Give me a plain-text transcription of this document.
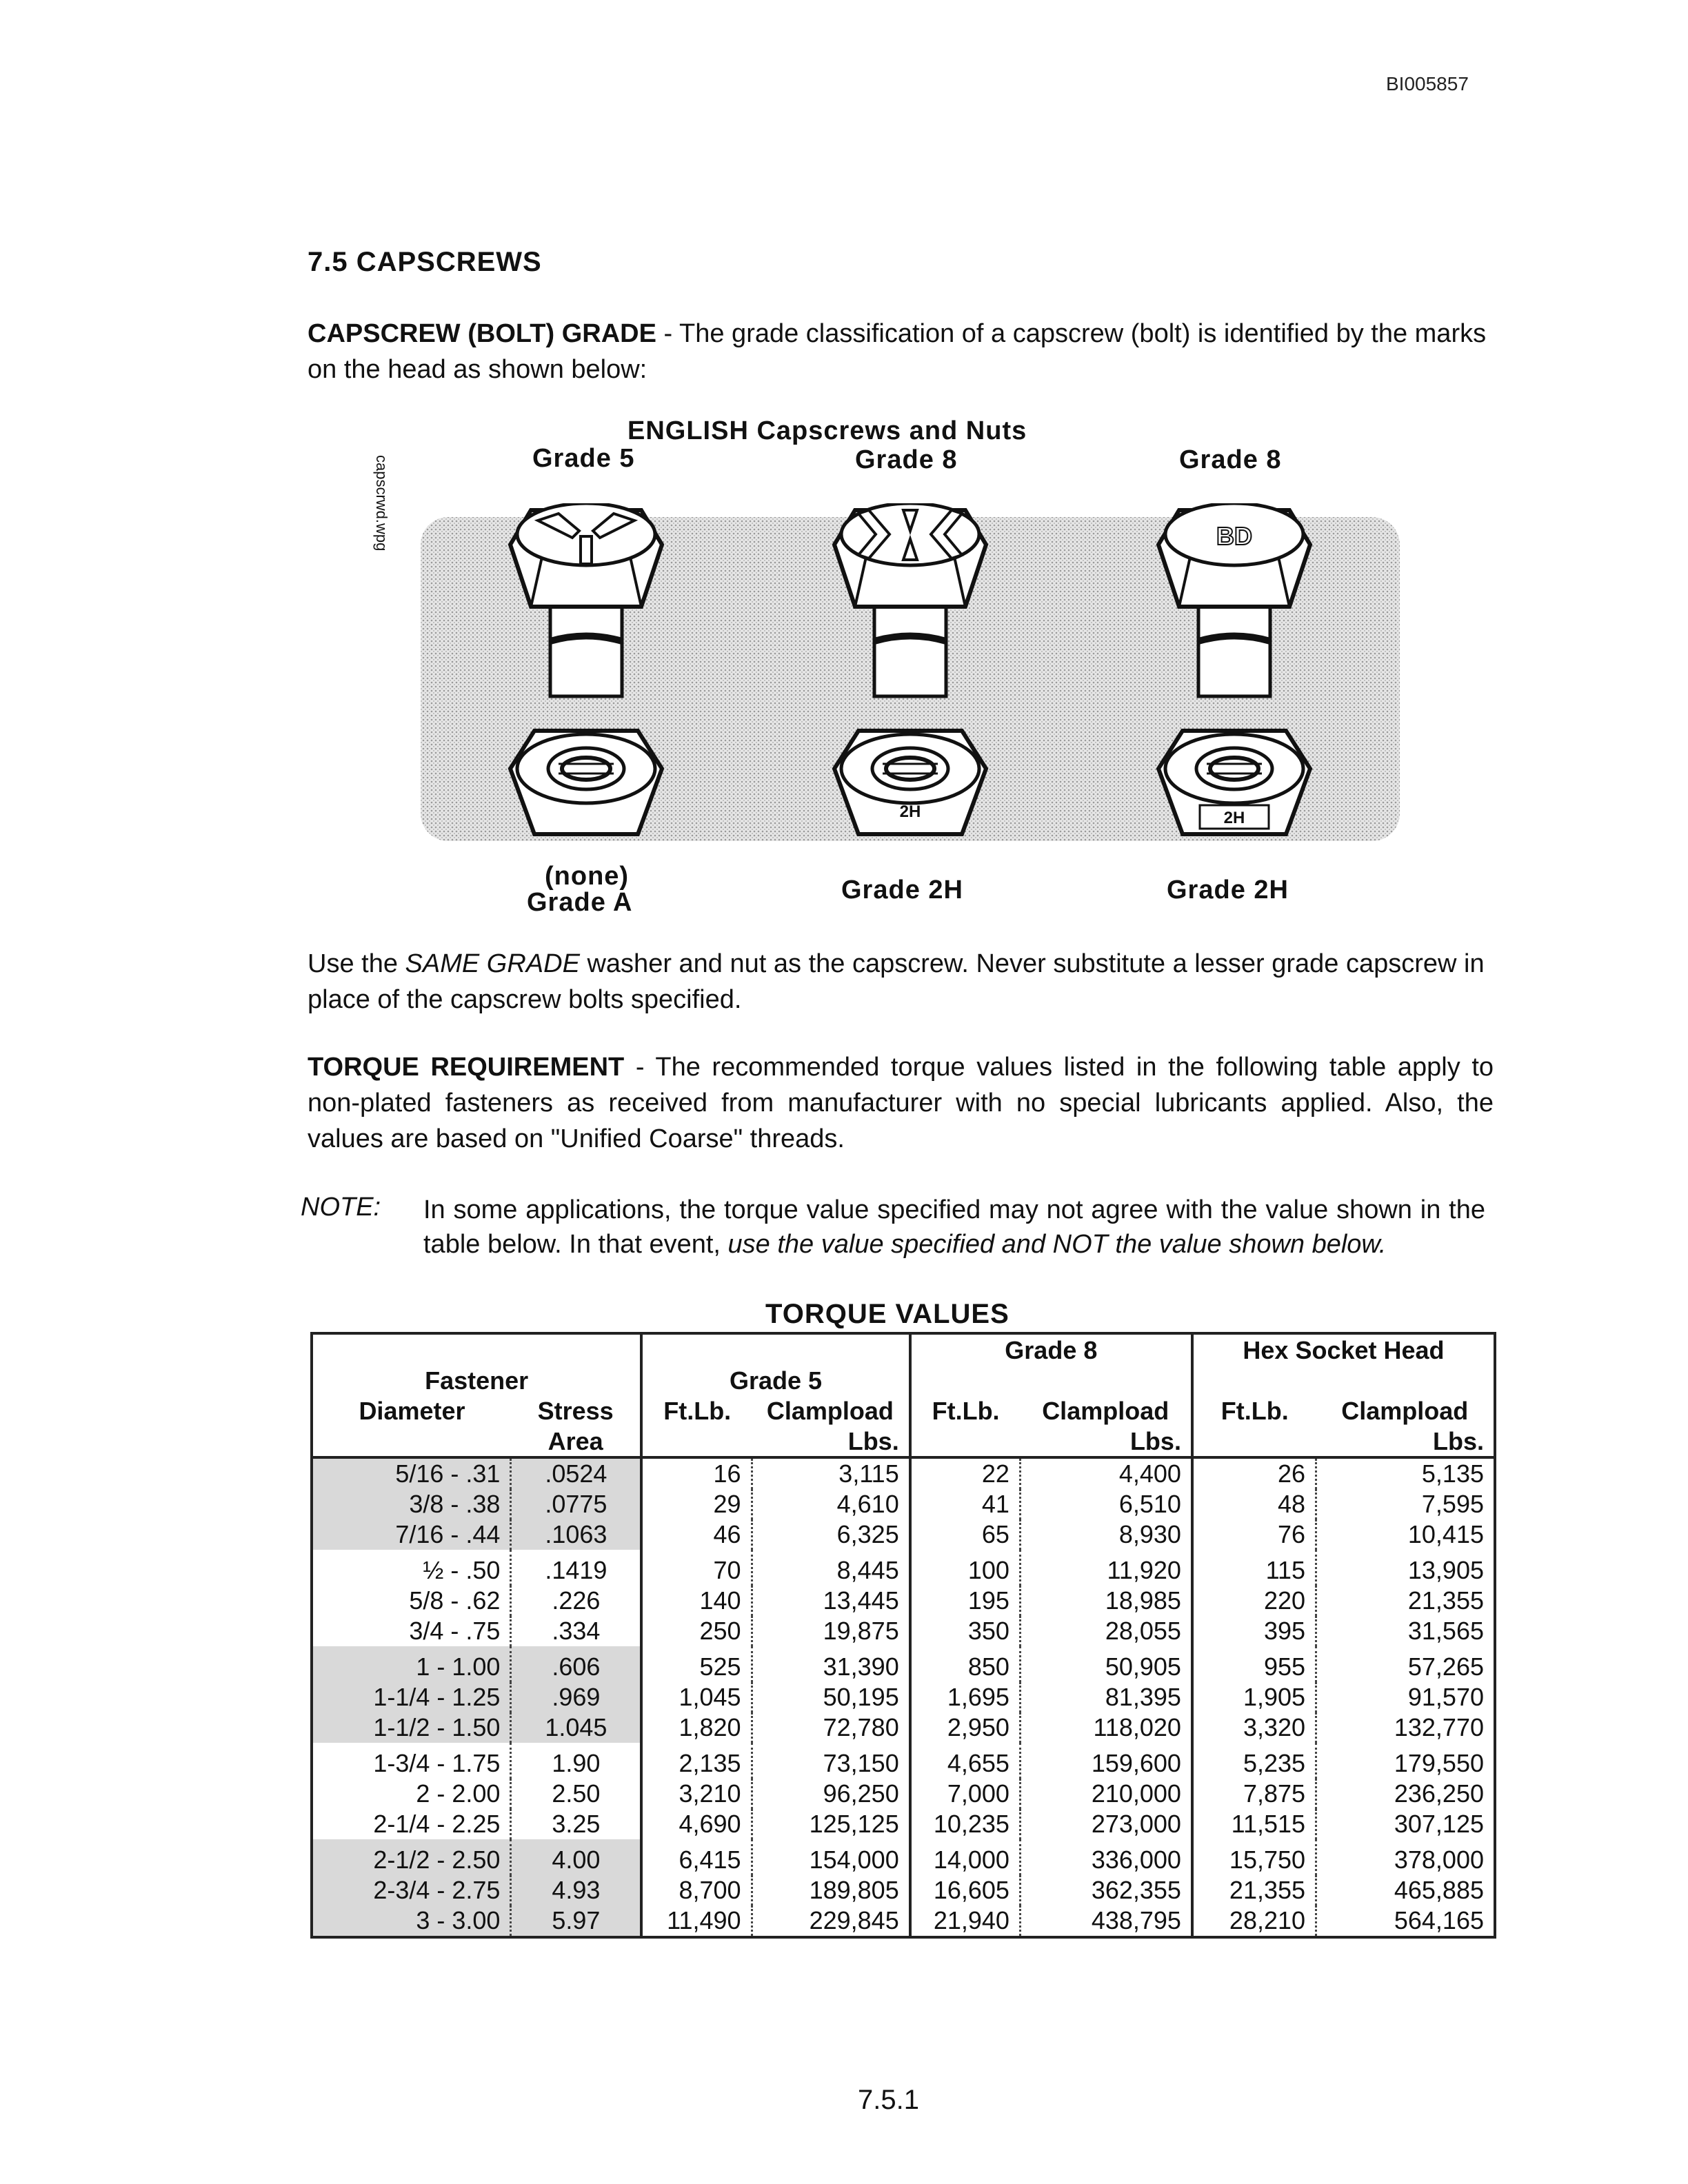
BI005857
7.5 CAPSCREWS
CAPSCREW (BOLT) GRADE - The grade classification of a capscrew (bolt) is identified by the marks on the head as shown below:
capscrwd.wpg
ENGLISH Capscrews and Nuts
Grade 5	Grade 8	Grade 8
BD
2H	2H
(none)
Grade A	Grade 2H	Grade 2H
Use the SAME GRADE washer and nut as the capscrew. Never substitute a lesser grade capscrew in place of the capscrew bolts specified.
TORQUE REQUIREMENT - The recommended torque values listed in the following table apply to non-plated fasteners as received from manufacturer with no special lubricants applied. Also, the values are based on "Unified Coarse" threads.
NOTE: In some applications, the torque value specified may not agree with the value shown in the table below. In that event, use the value specified and NOT the value shown below.
TORQUE VALUES
				Grade 8		Hex Socket Head	
Fastener		Grade 5					
Diameter	Stress	Ft.Lb.	Clampload	Ft.Lb.	Clampload	Ft.Lb.	Clampload
	Area		Lbs.		Lbs.		Lbs.
5/16 - .31	.0524	16	3,115	22	4,400	26	5,135
3/8 - .38	.0775	29	4,610	41	6,510	48	7,595
7/16 - .44	.1063	46	6,325	65	8,930	76	10,415
½ - .50	.1419	70	8,445	100	11,920	115	13,905
5/8 - .62	.226	140	13,445	195	18,985	220	21,355
3/4 - .75	.334	250	19,875	350	28,055	395	31,565
1 - 1.00	.606	525	31,390	850	50,905	955	57,265
1-1/4 - 1.25	.969	1,045	50,195	1,695	81,395	1,905	91,570
1-1/2 - 1.50	1.045	1,820	72,780	2,950	118,020	3,320	132,770
1-3/4 - 1.75	1.90	2,135	73,150	4,655	159,600	5,235	179,550
2 - 2.00	2.50	3,210	96,250	7,000	210,000	7,875	236,250
2-1/4 - 2.25	3.25	4,690	125,125	10,235	273,000	11,515	307,125
2-1/2 - 2.50	4.00	6,415	154,000	14,000	336,000	15,750	378,000
2-3/4 - 2.75	4.93	8,700	189,805	16,605	362,355	21,355	465,885
3 - 3.00	5.97	11,490	229,845	21,940	438,795	28,210	564,165
7.5.1
